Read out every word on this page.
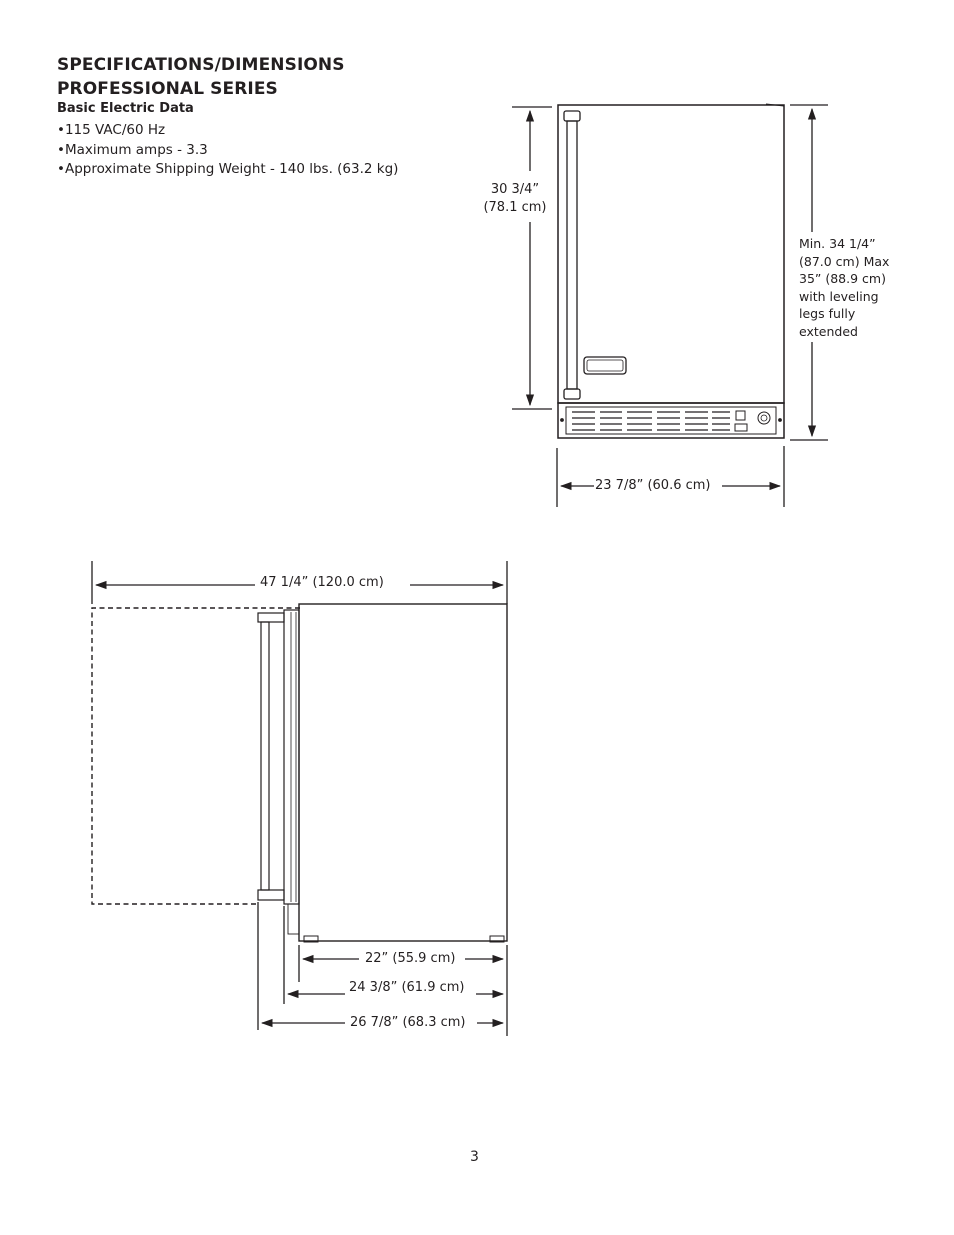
SPECIFICATIONS/DIMENSIONS
PROFESSIONAL SERIES
Basic Electric Data
•115 VAC/60 Hz
•Maximum amps - 3.3
•Approximate Shipping Weight - 140 lbs. (63.2 kg)
30 3/4”
(78.1 cm)
Min. 34 1/4”
(87.0 cm) Max
35” (88.9 cm)
with leveling
legs fully
extended
23 7/8” (60.6 cm)
47 1/4” (120.0 cm)
22” (55.9 cm)
24 3/8” (61.9 cm)
26 7/8” (68.3 cm)
3
